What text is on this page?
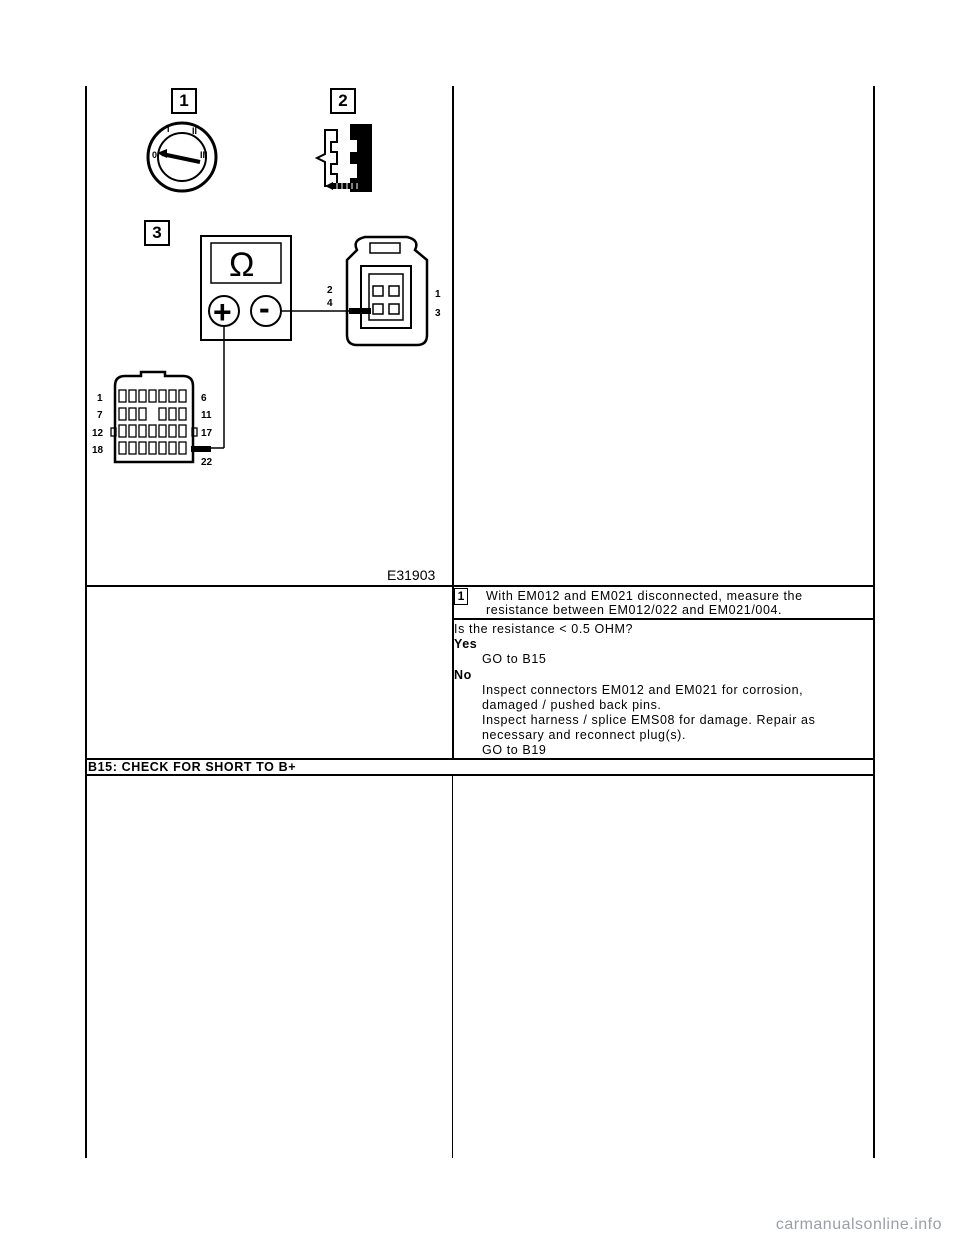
1	2
3
0
I II
III
Ω
+ -	2
4
1
3
1
7
12
18
6
11
17
22
E31903
1 With EM012 and EM021 disconnected, measure the
resistance between EM012/022 and EM021/004.
Is the resistance < 0.5 OHM?
Yes
GO to B15
No
Inspect connectors EM012 and EM021 for corrosion,
damaged / pushed back pins.
Inspect harness / splice EMS08 for damage. Repair as
necessary and reconnect plug(s).
GO to B19
B15: CHECK FOR SHORT TO B+
carmanualsonline.info
